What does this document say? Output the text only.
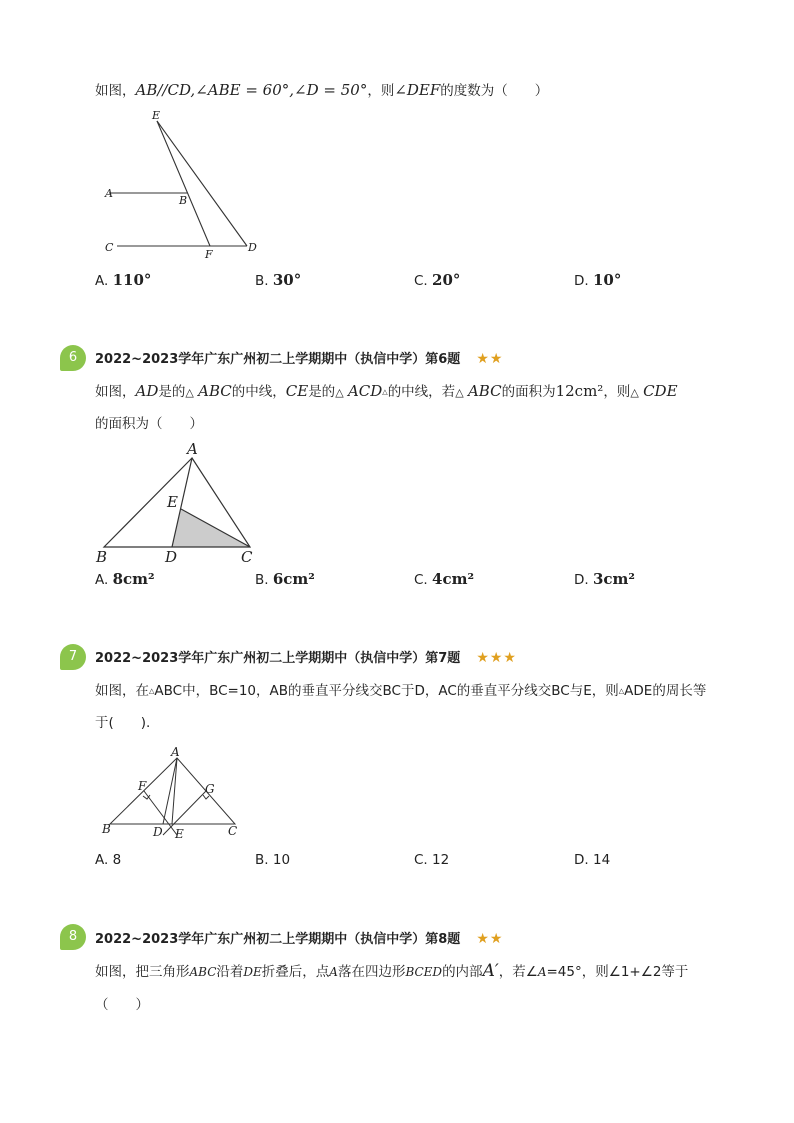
如图，AB//CD,∠ABE = 60°,∠D = 50°，则∠DEF的度数为（　　）
E
A
B
C
F
D
A. 110°	B. 30°	C. 20°	D. 10°
6	2022~2023学年广东广州初二上学期期中（执信中学）第6题 ★★
如图，AD是的△ ABC的中线，CE是的△ ACD△的中线，若△ ABC的面积为12cm²，则△ CDE
的面积为（　　）
A
E
B	D	C
A. 8cm²	B. 6cm²	C. 4cm²	D. 3cm²
7	2022~2023学年广东广州初二上学期期中（执信中学）第7题 ★★★
如图，在△ABC中，BC=10，AB的垂直平分线交BC于D，AC的垂直平分线交BC与E，则△ADE的周长等
于(　　).
A
F	G
B	D E	C
A. 8	B. 10	C. 12	D. 14
8	2022~2023学年广东广州初二上学期期中（执信中学）第8题 ★★
如图，把三角形ABC沿着DE折叠后，点A落在四边形BCED的内部A′，若∠A=45°，则∠1+∠2等于
（　　）
